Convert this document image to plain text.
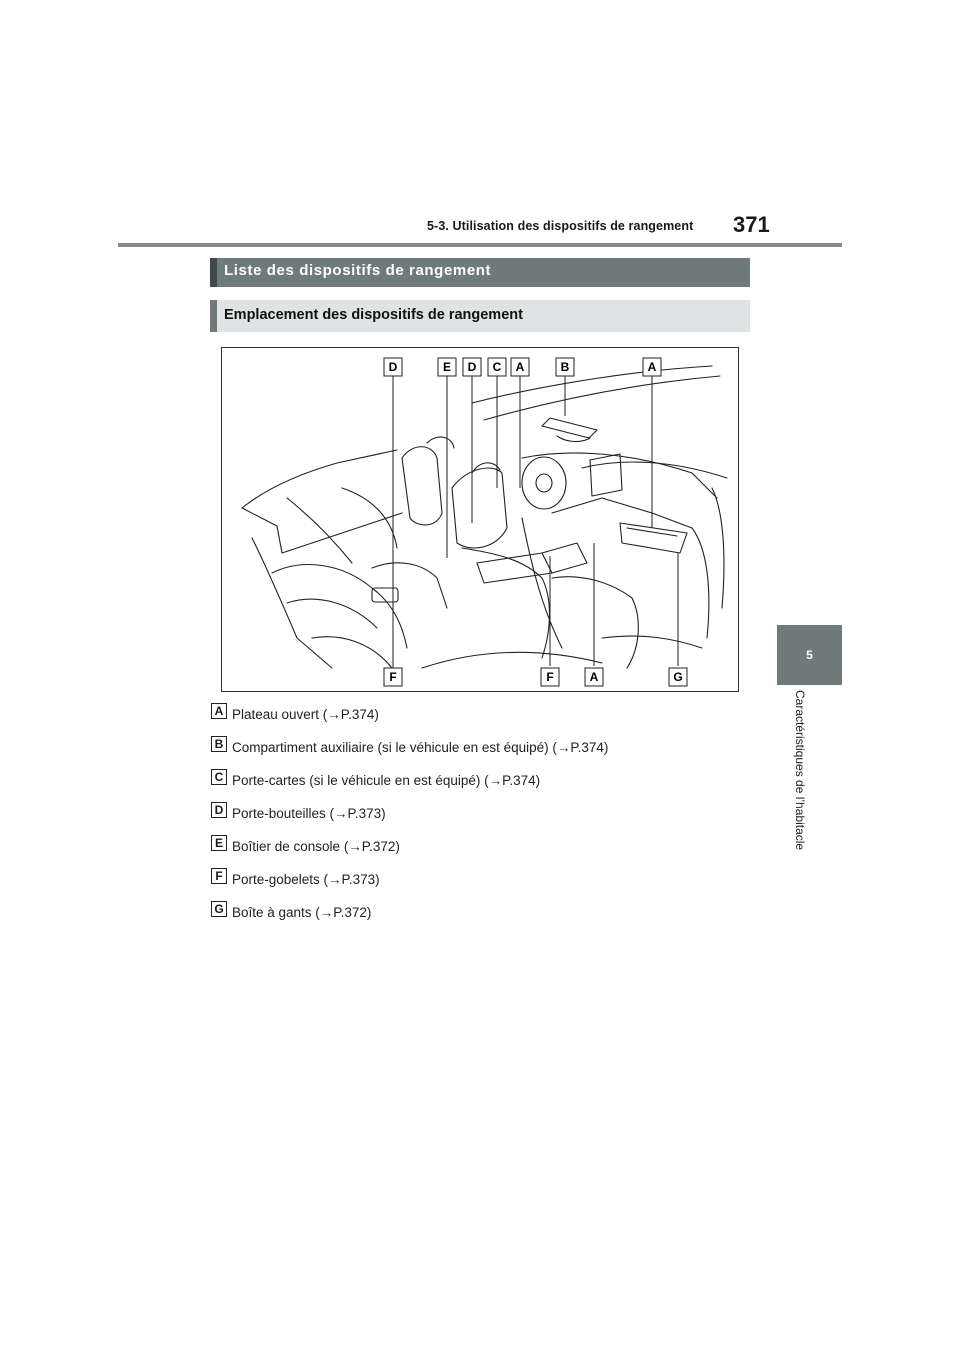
5-3. Utilisation des dispositifs de rangement 371
5
Caractéristiques de l’habitacle
Liste des dispositifs de rangement
Emplacement des dispositifs de rangement
D	E D C A	B	A
F	F	A	G
A Plateau ouvert (→P.374)
B Compartiment auxiliaire (si le véhicule en est équipé) (→P.374)
C Porte-cartes (si le véhicule en est équipé) (→P.374)
D Porte-bouteilles (→P.373)
E Boîtier de console (→P.372)
F Porte-gobelets (→P.373)
G Boîte à gants (→P.372)
